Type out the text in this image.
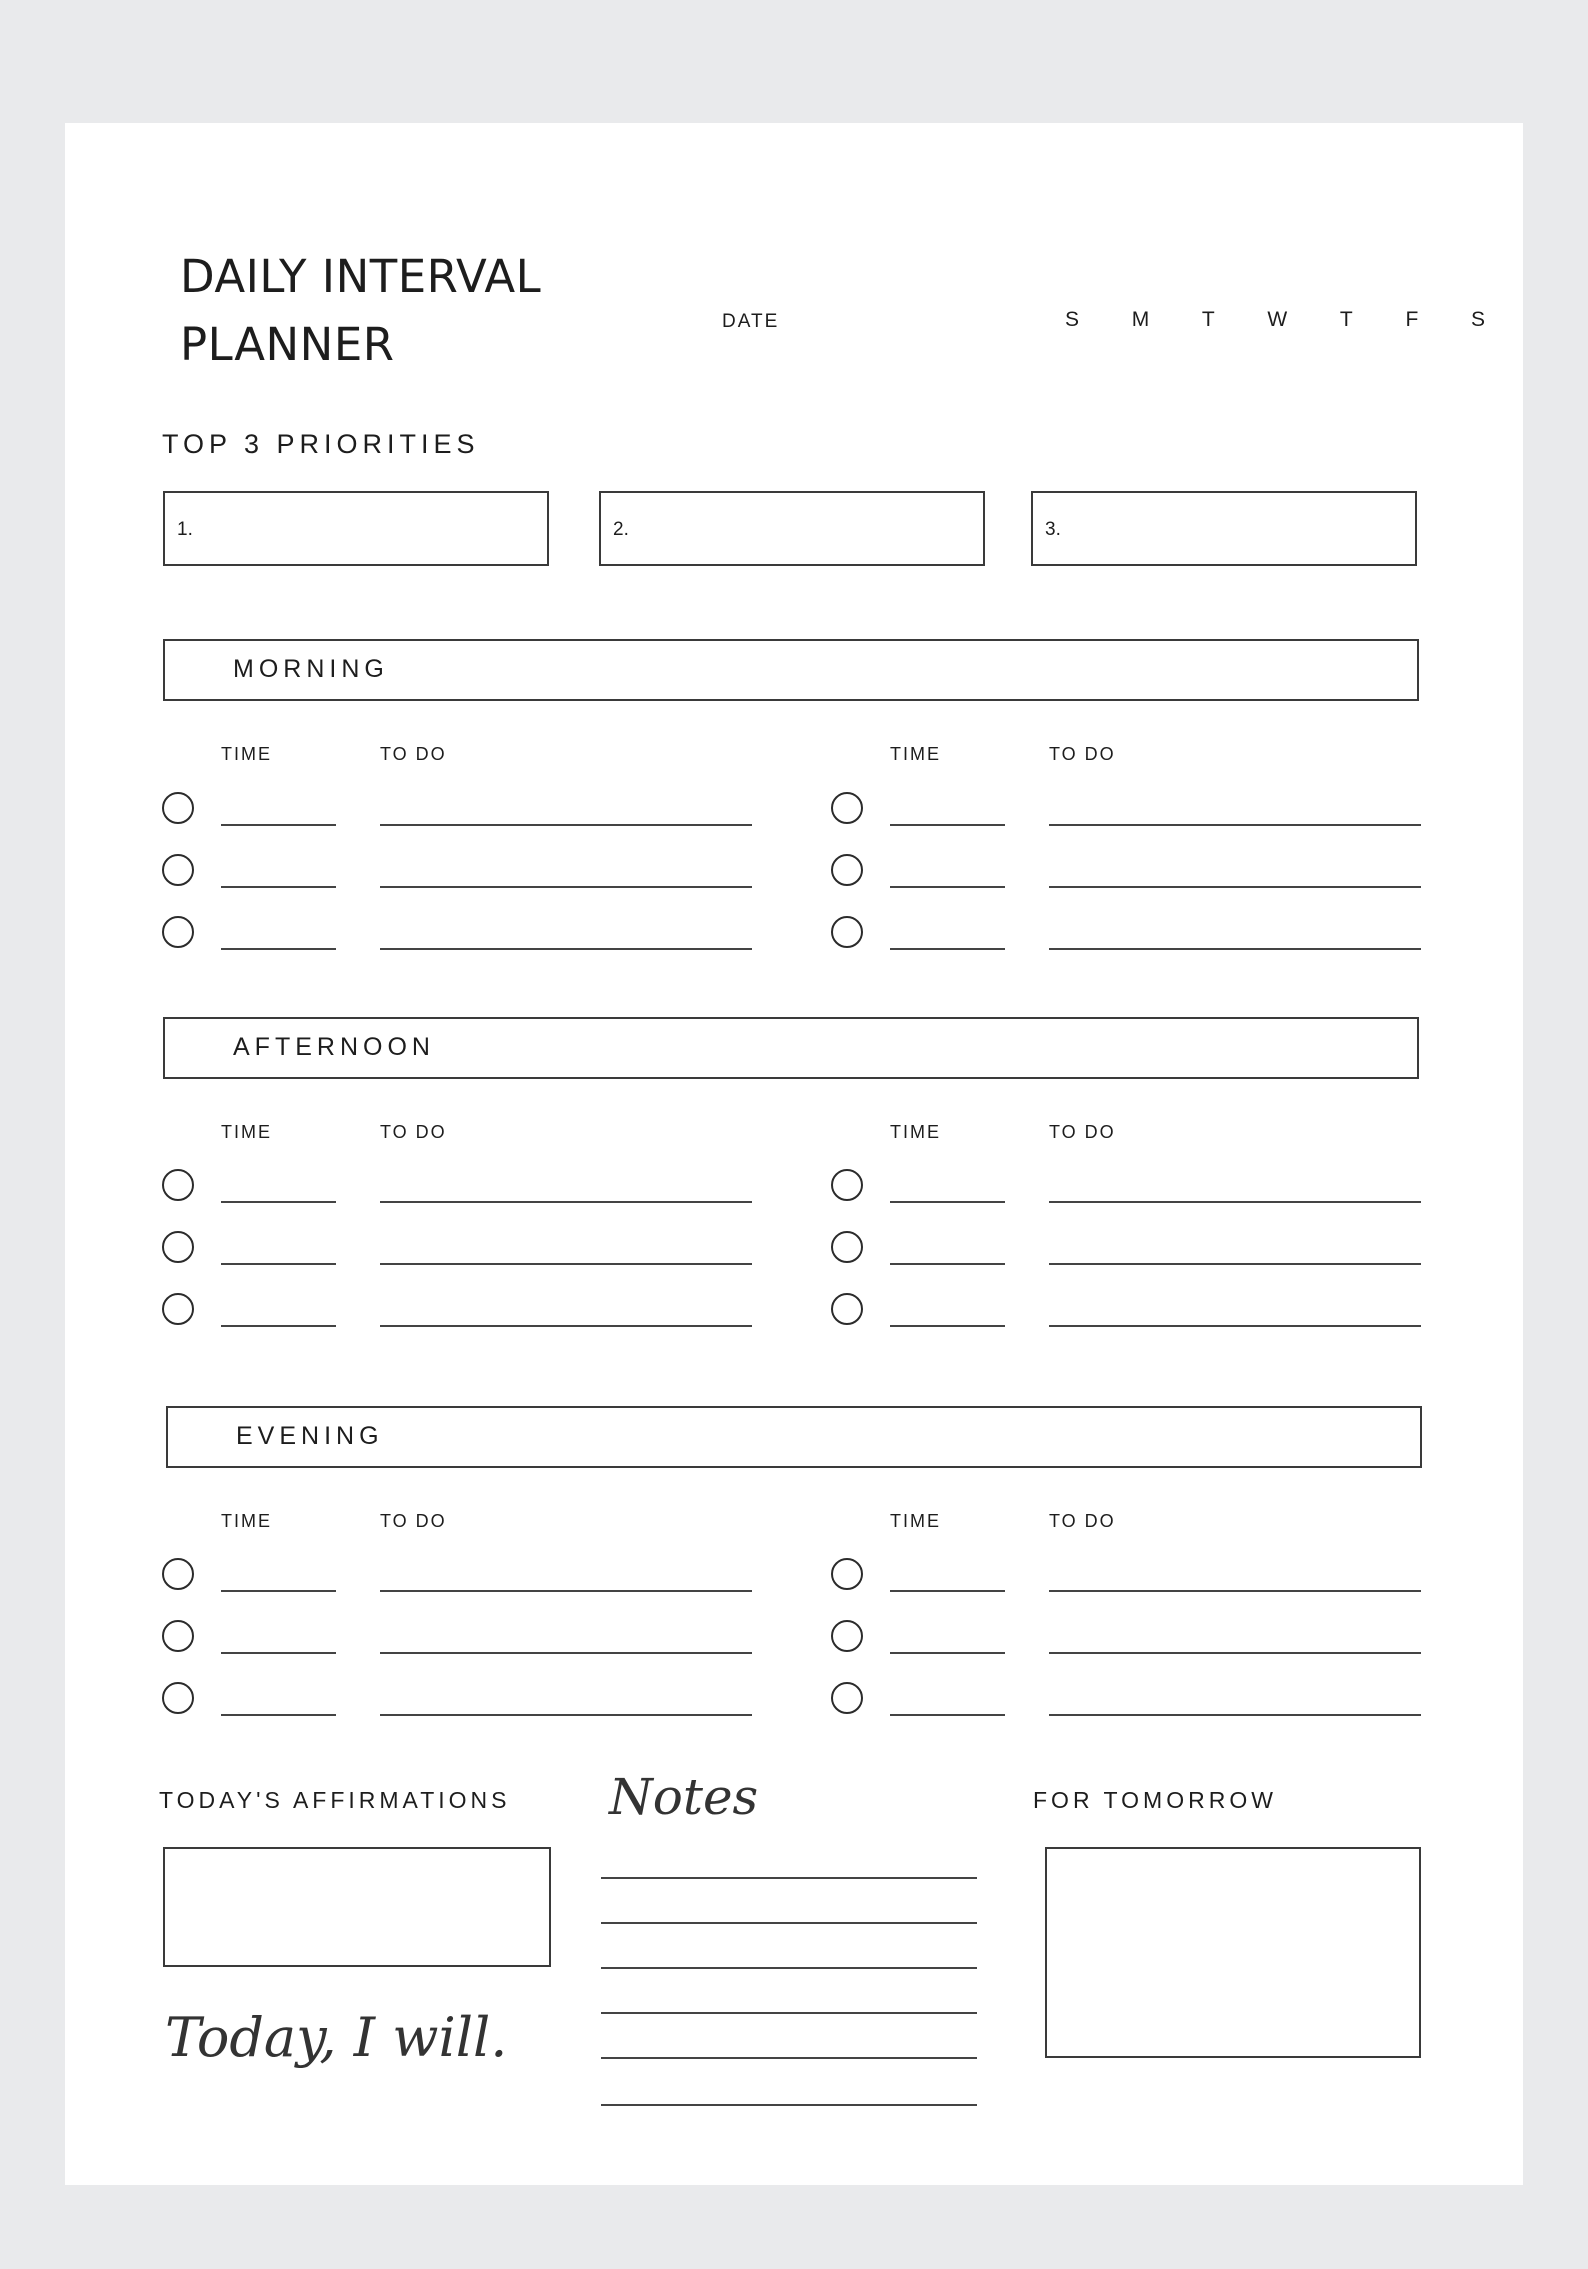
DAILY INTERVAL
PLANNER	DATE	S	M	T	W	T	F	S
TOP 3 PRIORITIES
1.	2.	3.
MORNING
TIME	TO DO	TIME	TO DO
AFTERNOON
TIME	TO DO	TIME	TO DO
EVENING
TIME	TO DO	TIME	TO DO
TODAY'S AFFIRMATIONS
Today, I will.
Notes	FOR TOMORROW
